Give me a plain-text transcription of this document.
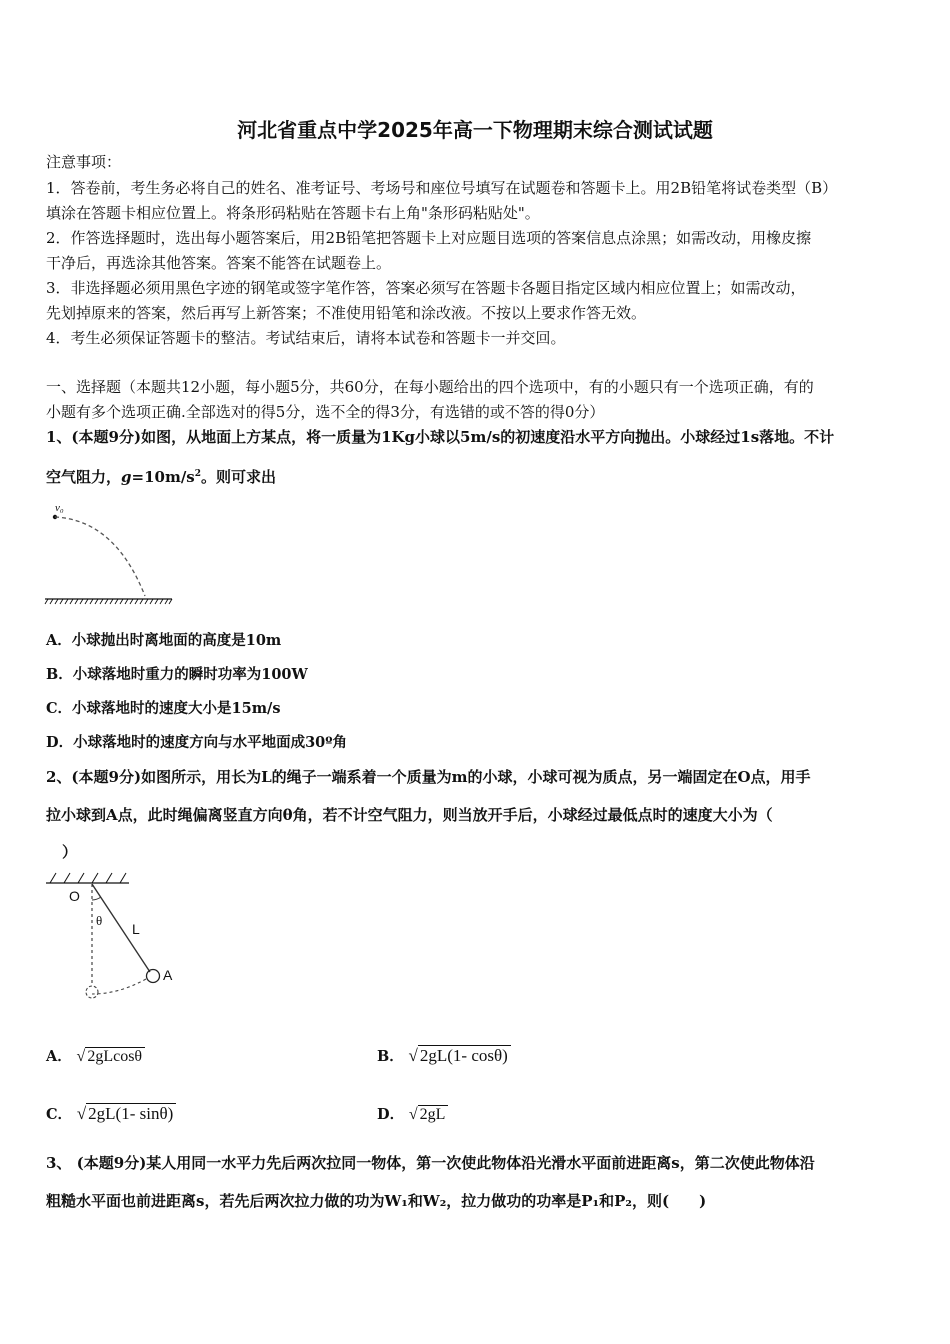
河北省重点中学2025年高一下物理期末综合测试试题
注意事项：
1．答卷前，考生务必将自己的姓名、准考证号、考场号和座位号填写在试题卷和答题卡上。用2B铅笔将试卷类型（B）
填涂在答题卡相应位置上。将条形码粘贴在答题卡右上角"条形码粘贴处"。
2．作答选择题时，选出每小题答案后，用2B铅笔把答题卡上对应题目选项的答案信息点涂黑；如需改动，用橡皮擦
干净后，再选涂其他答案。答案不能答在试题卷上。
3．非选择题必须用黑色字迹的钢笔或签字笔作答，答案必须写在答题卡各题目指定区域内相应位置上；如需改动，
先划掉原来的答案，然后再写上新答案；不准使用铅笔和涂改液。不按以上要求作答无效。
4．考生必须保证答题卡的整洁。考试结束后，请将本试卷和答题卡一并交回。
一、选择题（本题共12小题，每小题5分，共60分，在每小题给出的四个选项中，有的小题只有一个选项正确，有的
小题有多个选项正确.全部选对的得5分，选不全的得3分，有选错的或不答的得0分）
1、(本题9分)如图，从地面上方某点，将一质量为1Kg小球以5m/s的初速度沿水平方向抛出。小球经过1s落地。不计
空气阻力，$g=10m/s^2$。则可求出
v₀
A．小球抛出时离地面的高度是10m
B．小球落地时重力的瞬时功率为100W
C．小球落地时的速度大小是15m/s
D．小球落地时的速度方向与水平地面成30º角
2、(本题9分)如图所示，用长为L的绳子一端系着一个质量为m的小球，小球可视为质点，另一端固定在O点，用手
拉小球到A点，此时绳偏离竖直方向θ角，若不计空气阻力，则当放开手后，小球经过最低点时的速度大小为（
）
O
θ
L
A
A． √ 2gLcosθ	B． √ 2gL(1- cosθ)
C． √ 2gL(1- sinθ)	D． √ 2gL
3、 (本题9分)某人用同一水平力先后两次拉同一物体，第一次使此物体沿光滑水平面前进距离s，第二次使此物体沿
粗糙水平面也前进距离s，若先后两次拉力做的功为W₁和W₂，拉力做功的功率是P₁和P₂，则(　　)
